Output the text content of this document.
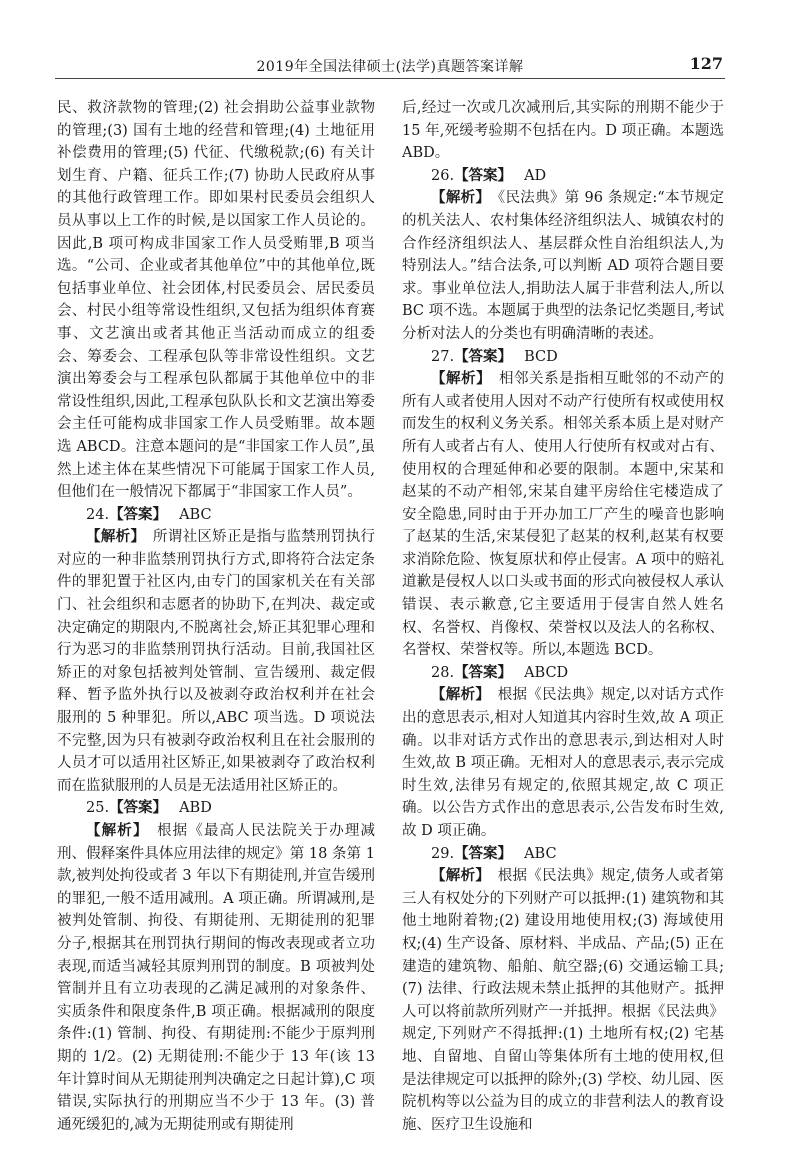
2019年全国法律硕士(法学)真题答案详解	127

民、救济款物的管理;(2) 社会捐助公益事业款物的管理;(3) 国有土地的经营和管理;(4) 土地征用补偿费用的管理;(5) 代征、代缴税款;(6) 有关计划生育、户籍、征兵工作;(7) 协助人民政府从事的其他行政管理工作。即如果村民委员会组织人员从事以上工作的时候,是以国家工作人员论的。因此,B 项可构成非国家工作人员受贿罪,B 项当选。“公司、企业或者其他单位”中的其他单位,既包括事业单位、社会团体,村民委员会、居民委员会、村民小组等常设性组织,又包括为组织体育赛事、文艺演出或者其他正当活动而成立的组委会、筹委会、工程承包队等非常设性组织。文艺演出筹委会与工程承包队都属于其他单位中的非常设性组织,因此,工程承包队队长和文艺演出筹委会主任可能构成非国家工作人员受贿罪。故本题选 ABCD。注意本题问的是“非国家工作人员”,虽然上述主体在某些情况下可能属于国家工作人员,但他们在一般情况下都属于“非国家工作人员”。

24.【答案】 ABC

【解析】　 所谓社区矫正是指与监禁刑罚执行对应的一种非监禁刑罚执行方式,即将符合法定条件的罪犯置于社区内,由专门的国家机关在有关部门、社会组织和志愿者的协助下,在判决、裁定或决定确定的期限内,不脱离社会,矫正其犯罪心理和行为恶习的非监禁刑罚执行活动。目前,我国社区矫正的对象包括被判处管制、宣告缓刑、裁定假释、暂予监外执行以及被剥夺政治权利并在社会服刑的 5 种罪犯。所以,ABC 项当选。D 项说法不完整,因为只有被剥夺政治权利且在社会服刑的人员才可以适用社区矫正,如果被剥夺了政治权利而在监狱服刑的人员是无法适用社区矫正的。

25.【答案】 ABD

【解析】　 根据《最高人民法院关于办理减刑、假释案件具体应用法律的规定》第 18 条第 1 款,被判处拘役或者 3 年以下有期徒刑,并宣告缓刑的罪犯,一般不适用减刑。A 项正确。所谓减刑,是被判处管制、拘役、有期徒刑、无期徒刑的犯罪分子,根据其在刑罚执行期间的悔改表现或者立功表现,而适当减轻其原判刑罚的制度。B 项被判处管制并且有立功表现的乙满足减刑的对象条件、实质条件和限度条件,B 项正确。根据减刑的限度条件:(1) 管制、拘役、有期徒刑:不能少于原判刑期的 1/2。(2) 无期徒刑:不能少于 13 年(该 13 年计算时间从无期徒刑判决确定之日起计算),C 项错误,实际执行的刑期应当不少于 13 年。(3) 普通死缓犯的,减为无期徒刑或有期徒刑

后,经过一次或几次减刑后,其实际的刑期不能少于 15 年,死缓考验期不包括在内。D 项正确。本题选 ABD。

26.【答案】 AD

【解析】　 《民法典》第 96 条规定:“本节规定的机关法人、农村集体经济组织法人、城镇农村的合作经济组织法人、基层群众性自治组织法人,为特别法人。”结合法条,可以判断 AD 项符合题目要求。事业单位法人,捐助法人属于非营利法人,所以 BC 项不选。本题属于典型的法条记忆类题目,考试分析对法人的分类也有明确清晰的表述。

27.【答案】 BCD

【解析】　 相邻关系是指相互毗邻的不动产的所有人或者使用人因对不动产行使所有权或使用权而发生的权利义务关系。相邻关系本质上是对财产所有人或者占有人、使用人行使所有权或对占有、使用权的合理延伸和必要的限制。本题中,宋某和赵某的不动产相邻,宋某自建平房给住宅楼造成了安全隐患,同时由于开办加工厂产生的噪音也影响了赵某的生活,宋某侵犯了赵某的权利,赵某有权要求消除危险、恢复原状和停止侵害。A 项中的赔礼道歉是侵权人以口头或书面的形式向被侵权人承认错误、表示歉意,它主要适用于侵害自然人姓名权、名誉权、肖像权、荣誉权以及法人的名称权、名誉权、荣誉权等。所以,本题选 BCD。

28.【答案】 ABCD

【解析】　 根据《民法典》规定,以对话方式作出的意思表示,相对人知道其内容时生效,故 A 项正确。以非对话方式作出的意思表示,到达相对人时生效,故 B 项正确。无相对人的意思表示,表示完成时生效,法律另有规定的,依照其规定,故 C 项正确。以公告方式作出的意思表示,公告发布时生效,故 D 项正确。

29.【答案】 ABC

【解析】　 根据《民法典》规定,债务人或者第三人有权处分的下列财产可以抵押:(1) 建筑物和其他土地附着物;(2) 建设用地使用权;(3) 海域使用权;(4) 生产设备、原材料、半成品、产品;(5) 正在建造的建筑物、船舶、航空器;(6) 交通运输工具;(7) 法律、行政法规未禁止抵押的其他财产。抵押人可以将前款所列财产一并抵押。根据《民法典》规定,下列财产不得抵押:(1) 土地所有权;(2) 宅基地、自留地、自留山等集体所有土地的使用权,但是法律规定可以抵押的除外;(3) 学校、幼儿园、医院机构等以公益为目的成立的非营利法人的教育设施、医疗卫生设施和
